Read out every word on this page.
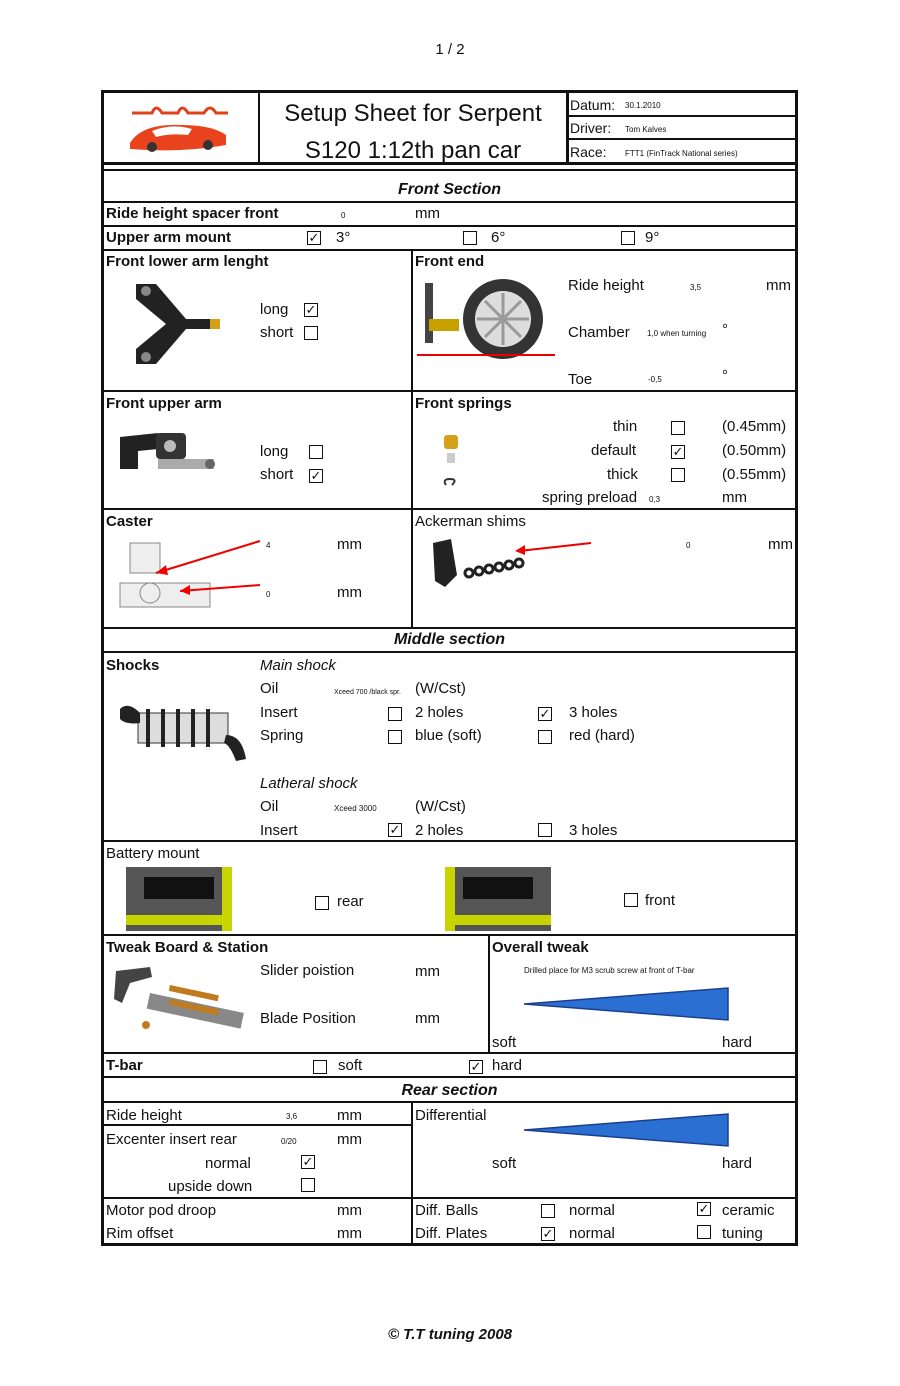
1 / 2
Setup Sheet for Serpent
S120 1:12th pan car
Datum: 30.1.2010
Driver: Tom Kalves
Race: FTT1 (FinTrack National series)
Front Section
Ride height spacer front	0	mm
Upper arm mount	✓ 3°	6°	9°
Front lower arm lenght
long ✓
short
Front end
Ride height	3,5	mm
Chamber 1,0 when turning °
Toe	-0,5	°
Front upper arm
long
short ✓
Front springs
thin	(0.45mm)
default	✓	(0.50mm)
thick	(0.55mm)
spring preload 0,3	mm
Caster
4	mm
0	mm
Ackerman shims
0	mm
Middle section
Shocks	Main shock
Oil	Xceed 700 /black spr. (W/Cst)
Insert	2 holes	✓ 3 holes
Spring	blue (soft)	red (hard)
Latheral shock
Oil	Xceed 3000	(W/Cst)
Insert	✓ 2 holes	3 holes
Battery mount
rear	front
Tweak Board & Station
Slider poistion	mm
Blade Position	mm
Overall tweak
Drilled place for M3 scrub screw at front of T-bar
soft	hard
T-bar	soft	✓ hard
Rear section
Ride height	3,6	mm
Excenter insert rear	0/20	mm
normal	✓
upside down
Differential
soft	hard
Motor pod droop	mm
Rim offset	mm
Diff. Balls	normal	✓ ceramic
Diff. Plates	✓ normal	tuning
© T.T tuning 2008
